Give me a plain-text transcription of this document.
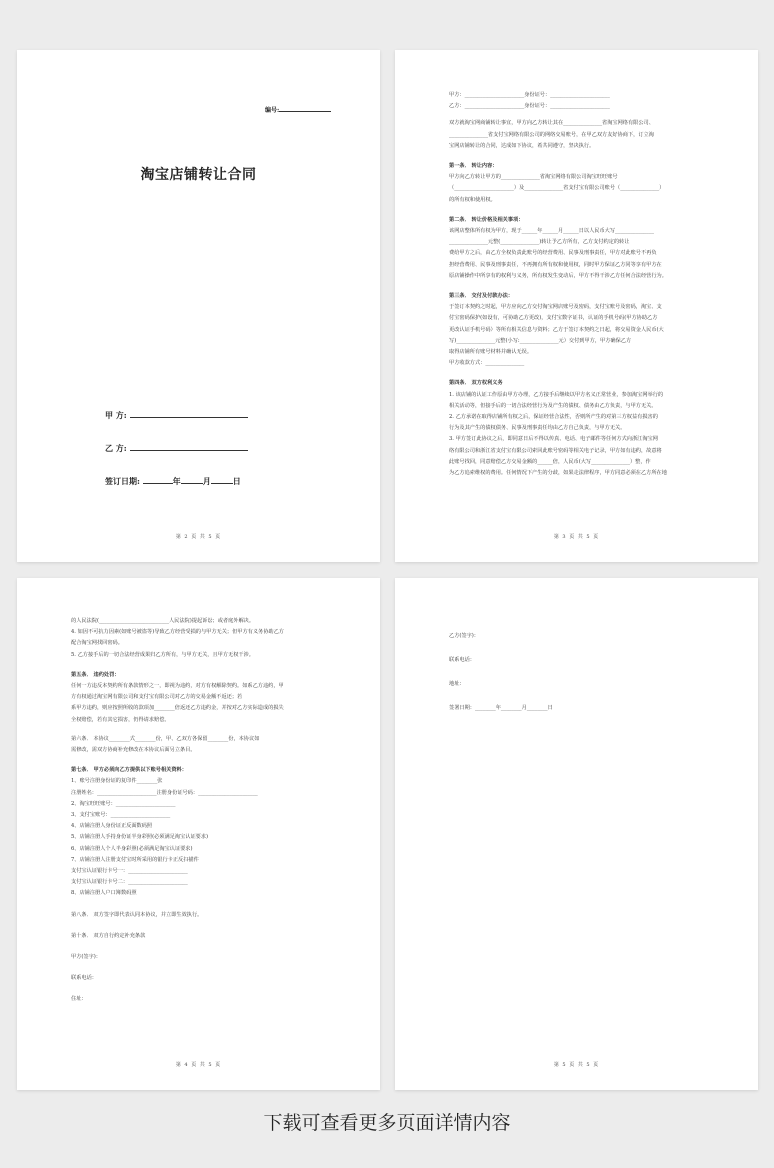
编号:
淘宝店铺转让合同
甲 方:
乙 方:
签订日期:	年	月	日
第 2 页 共 5 页

甲方：_______________________身份证号：_______________________

乙方：_______________________身份证号：_______________________

双方就淘宝网商铺转让事宜，甲方向乙方转让其在_______________省淘宝网络有限公司、

_______________省支付宝网络有限公司的网络交易账号，在甲乙双方友好协商下，订立淘

宝网店铺转让的合同，达成如下协议，希共同遵守，坚决执行。

第一条． 转让内容：

甲方向乙方转让甲方的_______________省淘宝网络有限公司淘宝旺旺账号

（_______________________）及_______________省支付宝有限公司账号（_______________）

的所有权和使用权。

第二条． 转让价格及相关事项：

该网店整体所有权为甲方，现于______年______月______日以人民币大写_______________

_______________元整(_______________)转让予乙方所有，乙方支付约定的转让

费给甲方之后，由乙方全权负责此账号的经营费用、民事及刑事责任，甲方对此账号不再负

担经营费用、民事及刑事责任，不再拥有所有权和使用权，同时甲方保证乙方同等享有甲方在

原店铺操作中所享有的权利与义务，所有权发生变动后，甲方不得干涉乙方任何合法经营行为。

第三条． 交付及付款办法：

于签订本契约之时起，甲方应向乙方交付淘宝网店账号及密码，支付宝账号及密码，淘宝、支

付宝密码保护(如设有，可协助乙方更改)，支付宝数字证书，认证的手机号码(甲方协助乙方

更改认证手机号码）等所有相关信息与资料；乙方于签订本契约之日起，将交易资金人民币(大

写)_______________元整(小写:_______________元）交付到甲方，甲方确保乙方

取得店铺所有账号材料并确认无误。

甲方收款方式：_______________

第四条． 双方权利义务

1. 该店铺的认证工作原由甲方办理，乙方接手后继续以甲方名义正常营业，参加淘宝网举行的

相关活动等，但接手后的一切合法经营行为及产生的债权、债务由乙方负责，与甲方无关。

2. 乙方承诺在取得店铺所有权之后，保证经营合法性，否则所产生的对第三方权益有损害的

行为及其产生的债权债务、民事及刑事责任均由乙方自己负责，与甲方无关。

3. 甲方签订此协议之后，即同意日后不得以传真、电话、电子邮件等任何方式向浙江淘宝网

络有限公司和浙江省支付宝有限公司索回此账号密码等相关电子记录，甲方如有违约，故意将

此账号找回，同意赔偿乙方交易金额的______倍，人民币(大写_______________）整，作

为乙方追索维权的费用。任何情况下产生的分歧，如果走法律程序，甲方同意必须在乙方所在地

第 3 页 共 5 页

的人民法院(___________________________人民法院)提起诉讼；或者庭外解决。

4. 如因不可抗力因素(如账号被盗等)导致乙方经营受损的与甲方无关；但甲方有义务协助乙方

配合淘宝网找回密码。

5. 乙方接手后的一切合法经营成果归乙方所有，与甲方无关，且甲方无权干涉。

第五条． 违约处罚：

任何一方违反本契约所有条款情形之一，即视为违约，对方有权解除契约。如系乙方违约，甲

方有权通过淘宝网有限公司和支付宝有限公司对乙方的交易金额不返还；若

系甲方违约，则应按照所收的款项加________倍返还乙方违约金，并按对乙方实际造成的损失

全权赔偿，若有其它损害，仍得请求赔偿。

第六条． 本协议________式________份，甲、乙双方各保留________份，本协议如

需修改，需双方协商补充修改在本协议后面另立条目。

第七条． 甲方必须向乙方提供以下账号相关资料：

1、账号注册身份证的复印件________张

注册姓名：_______________________注册身份证号码：_______________________

2、淘宝旺旺账号：_______________________

3、支付宝账号：_______________________

4、店铺注册人身份证正反面数码照

5、店铺注册人手持身份证半身彩照(必须满足淘宝认证要求)

6、店铺注册人个人半身彩照(必须满足淘宝认证要求)

7、店铺注册人注册支付宝时所采用的银行卡正反扫描件

支付宝认证银行卡号一：_______________________

支付宝认证银行卡号二：_______________________

8、店铺注册人户口簿数码照

第八条． 双方签字即代表认同本协议，并立即生效执行。

第十条． 双方自行约定补充条款

甲方(签字)：

联系电话：

住址：

第 4 页 共 5 页

乙方(签字)：

联系电话：

地址：

签署日期：________年________月________日

第 5 页 共 5 页
下载可查看更多页面详情内容
